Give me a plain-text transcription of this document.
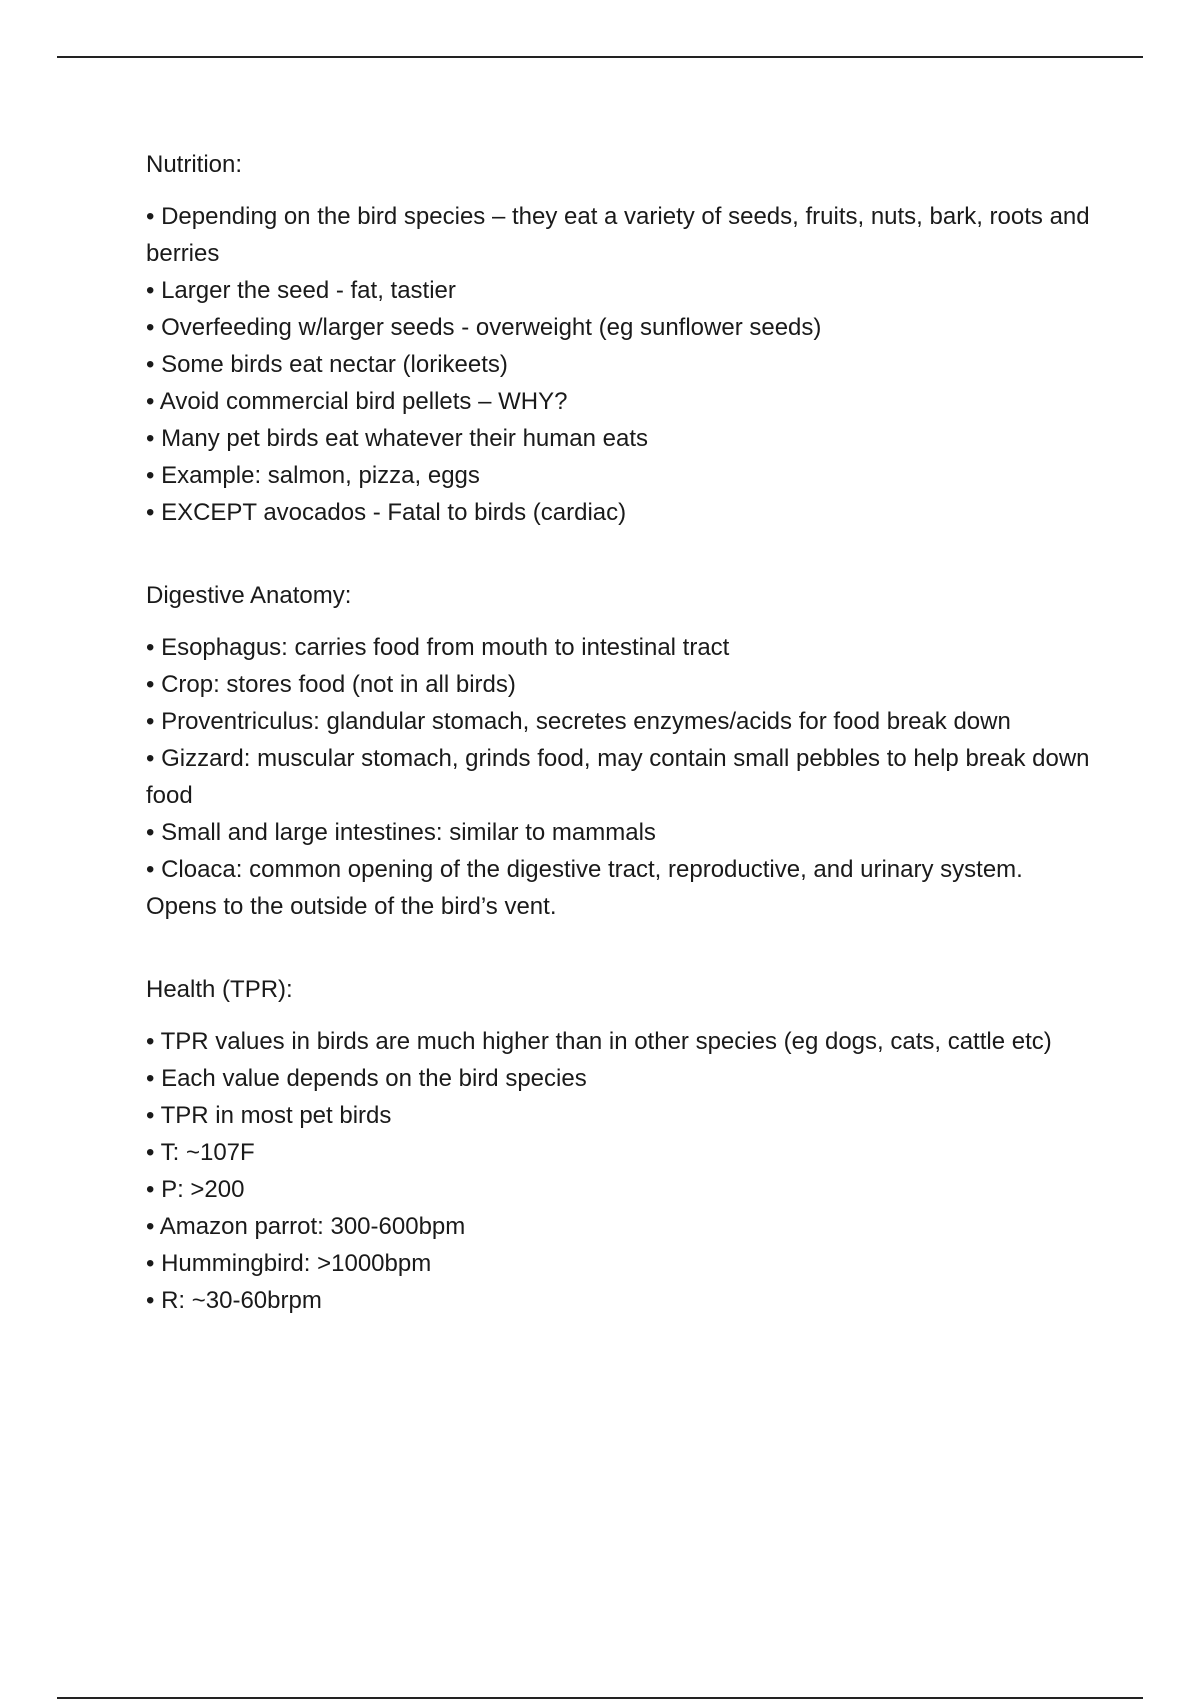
Nutrition:
• Depending on the bird species – they eat a variety of seeds, fruits, nuts, bark, roots and berries
• Larger the seed - fat, tastier
• Overfeeding w/larger seeds - overweight (eg sunflower seeds)
• Some birds eat nectar (lorikeets)
• Avoid commercial bird pellets – WHY?
• Many pet birds eat whatever their human eats
• Example: salmon, pizza, eggs
• EXCEPT avocados - Fatal to birds (cardiac)
Digestive Anatomy:
• Esophagus: carries food from mouth to intestinal tract
• Crop: stores food (not in all birds)
• Proventriculus: glandular stomach, secretes enzymes/acids for food break down
• Gizzard: muscular stomach, grinds food, may contain small pebbles to help break down food
• Small and large intestines: similar to mammals
• Cloaca: common opening of the digestive tract, reproductive, and urinary system. Opens to the outside of the bird’s vent.
Health (TPR):
• TPR values in birds are much higher than in other species (eg dogs, cats, cattle etc)
• Each value depends on the bird species
• TPR in most pet birds
• T: ~107F
• P: >200
• Amazon parrot: 300-600bpm
• Hummingbird: >1000bpm
• R: ~30-60brpm
